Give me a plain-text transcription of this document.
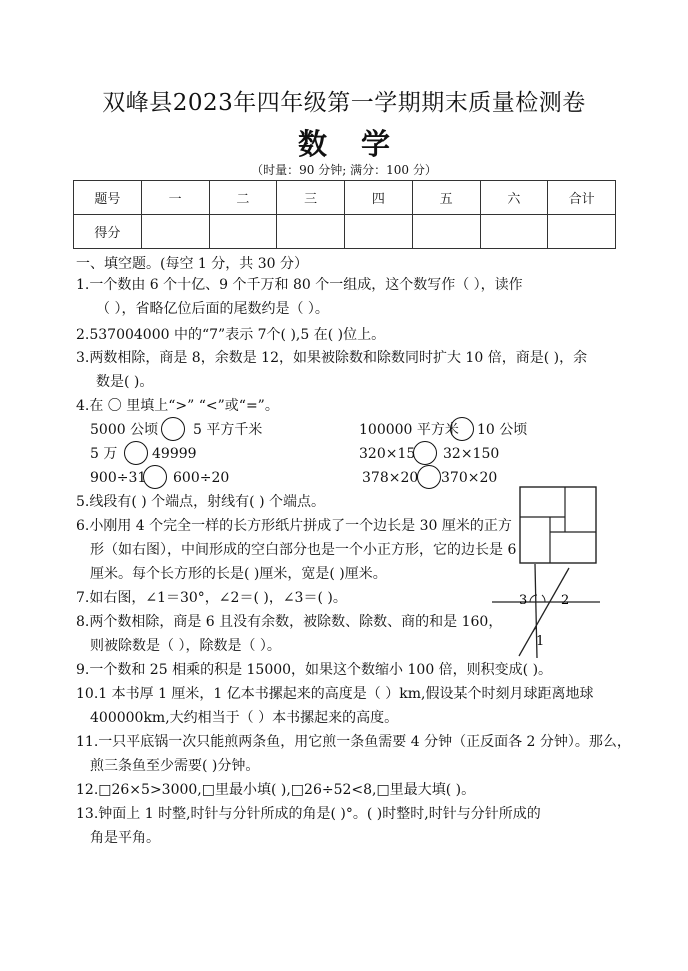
双峰县2023年四年级第一学期期末质量检测卷
数学
（时量：90 分钟; 满分：100 分）
题号	一	二	三	四	五	六	合计
得分							
一、填空题。(每空 1 分，共 30 分）
1.一个数由 6 个十亿、9 个千万和 80 个一组成，这个数写作（ ），读作
（ ），省略亿位后面的尾数约是（ ）。
2.537004000 中的“7”表示 7个( ),5 在( )位上。
3.两数相除，商是 8，余数是 12，如果被除数和除数同时扩大 10 倍，商是( )，余
数是( )。
4.在 〇 里填上“>” “<”或“=”。
5000 公顷 5 平方千米	100000 平方米 10 公顷
5 万 49999	320×15 32×150
900÷31 600÷20	378×20 370×20
5.线段有( ) 个端点，射线有( ) 个端点。
6.小刚用 4 个完全一样的长方形纸片拼成了一个边长是 30 厘米的正方
形（如右图），中间形成的空白部分也是一个小正方形，它的边长是 6
厘米。每个长方形的长是( )厘米，宽是( )厘米。
7.如右图，∠1＝30°，∠2＝( )，∠3＝( )。
8.两个数相除，商是 6 且没有余数，被除数、除数、商的和是 160，
则被除数是（ ），除数是（ ）。
9.一个数和 25 相乘的积是 15000，如果这个数缩小 100 倍，则积变成( )。
10.1 本书厚 1 厘米，1 亿本书摞起来的高度是（ ）km,假设某个时刻月球距离地球
400000km,大约相当于（ ）本书摞起来的高度。
11.一只平底锅一次只能煎两条鱼，用它煎一条鱼需要 4 分钟（正反面各 2 分钟）。那么，
煎三条鱼至少需要( )分钟。
12.□26×5>3000,□里最小填( ),□26÷52<8,□里最大填( )。
13.钟面上 1 时整,时针与分针所成的角是( )°。( )时整时,时针与分针所成的
角是平角。
3	2
1
